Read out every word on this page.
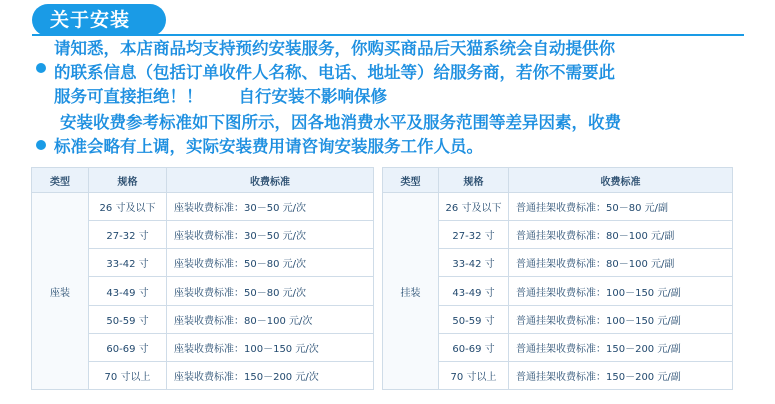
关于安装
请知悉，本店商品均支持预约安装服务，你购买商品后天猫系统会自动提供你
的联系信息（包括订单收件人名称、电话、地址等）给服务商，若你不需要此
服务可直接拒绝！！ 自行安装不影响保修
安装收费参考标准如下图所示，因各地消费水平及服务范围等差异因素，收费
标准会略有上调，实际安装费用请咨询安装服务工作人员。
类型	规格	收费标准
座装	26 寸及以下	座装收费标准：30－50 元/次
	27-32 寸	座装收费标准：30－50 元/次
	33-42 寸	座装收费标准：50－80 元/次
	43-49 寸	座装收费标准：50－80 元/次
	50-59 寸	座装收费标准：80－100 元/次
	60-69 寸	座装收费标准：100－150 元/次
	70 寸以上	座装收费标准：150－200 元/次
类型	规格	收费标准
挂装	26 寸及以下	普通挂架收费标准：50－80 元/副
	27-32 寸	普通挂架收费标准：80－100 元/副
	33-42 寸	普通挂架收费标准：80－100 元/副
	43-49 寸	普通挂架收费标准：100－150 元/副
	50-59 寸	普通挂架收费标准：100－150 元/副
	60-69 寸	普通挂架收费标准：150－200 元/副
	70 寸以上	普通挂架收费标准：150－200 元/副
